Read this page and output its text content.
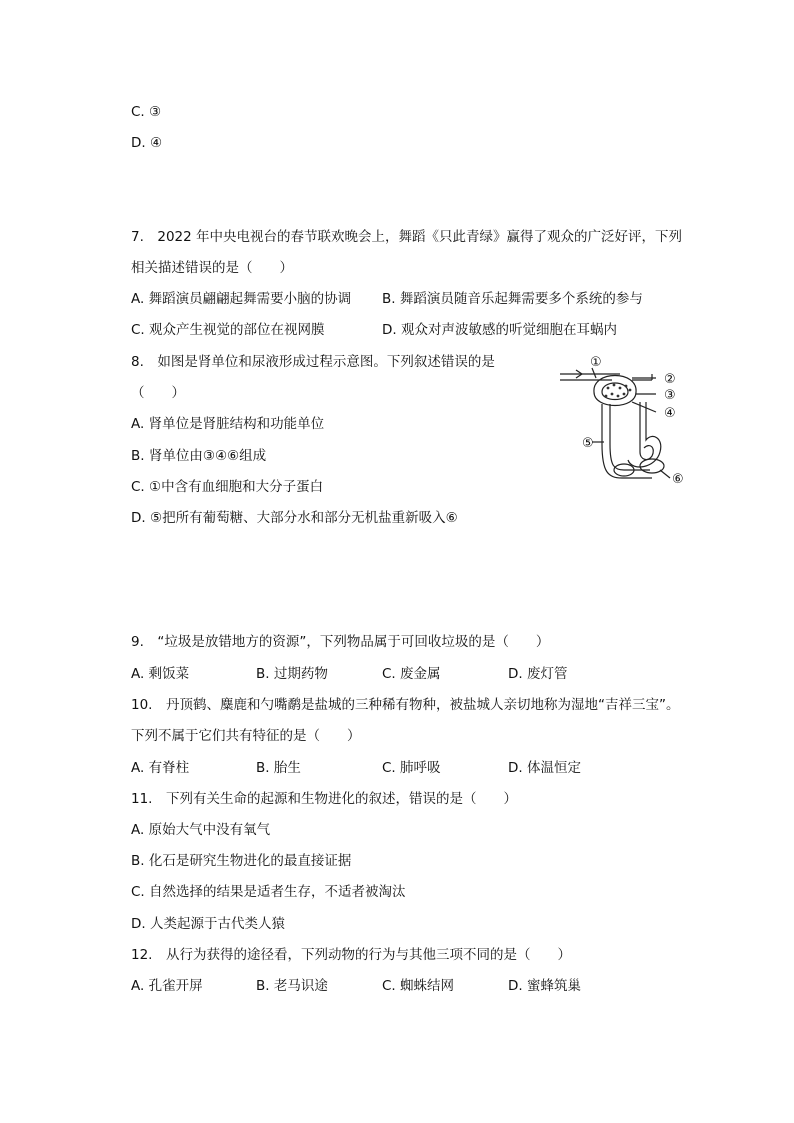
C. ③
D. ④
7.　2022 年中央电视台的春节联欢晚会上，舞蹈《只此青绿》赢得了观众的广泛好评，下列
相关描述错误的是（　　）
A. 舞蹈演员翩翩起舞需要小脑的协调 B. 舞蹈演员随音乐起舞需要多个系统的参与
C. 观众产生视觉的部位在视网膜	D. 观众对声波敏感的听觉细胞在耳蜗内
8.　如图是肾单位和尿液形成过程示意图。下列叙述错误的是
（　　）
A. 肾单位是肾脏结构和功能单位
B. 肾单位由③④⑥组成
C. ①中含有血细胞和大分子蛋白
D. ⑤把所有葡萄糖、大部分水和部分无机盐重新吸入⑥
①
②
③
④
⑤
⑥
9.　“垃圾是放错地方的资源”，下列物品属于可回收垃圾的是（　　）
A. 剩饭菜	B. 过期药物	C. 废金属	D. 废灯管
10.　丹顶鹤、麋鹿和勺嘴鹬是盐城的三种稀有物种，被盐城人亲切地称为湿地“吉祥三宝”。
下列不属于它们共有特征的是（　　）
A. 有脊柱	B. 胎生	C. 肺呼吸	D. 体温恒定
11.　下列有关生命的起源和生物进化的叙述，错误的是（　　）
A. 原始大气中没有氧气
B. 化石是研究生物进化的最直接证据
C. 自然选择的结果是适者生存，不适者被淘汰
D. 人类起源于古代类人猿
12.　从行为获得的途径看，下列动物的行为与其他三项不同的是（　　）
A. 孔雀开屏	B. 老马识途	C. 蜘蛛结网	D. 蜜蜂筑巢
